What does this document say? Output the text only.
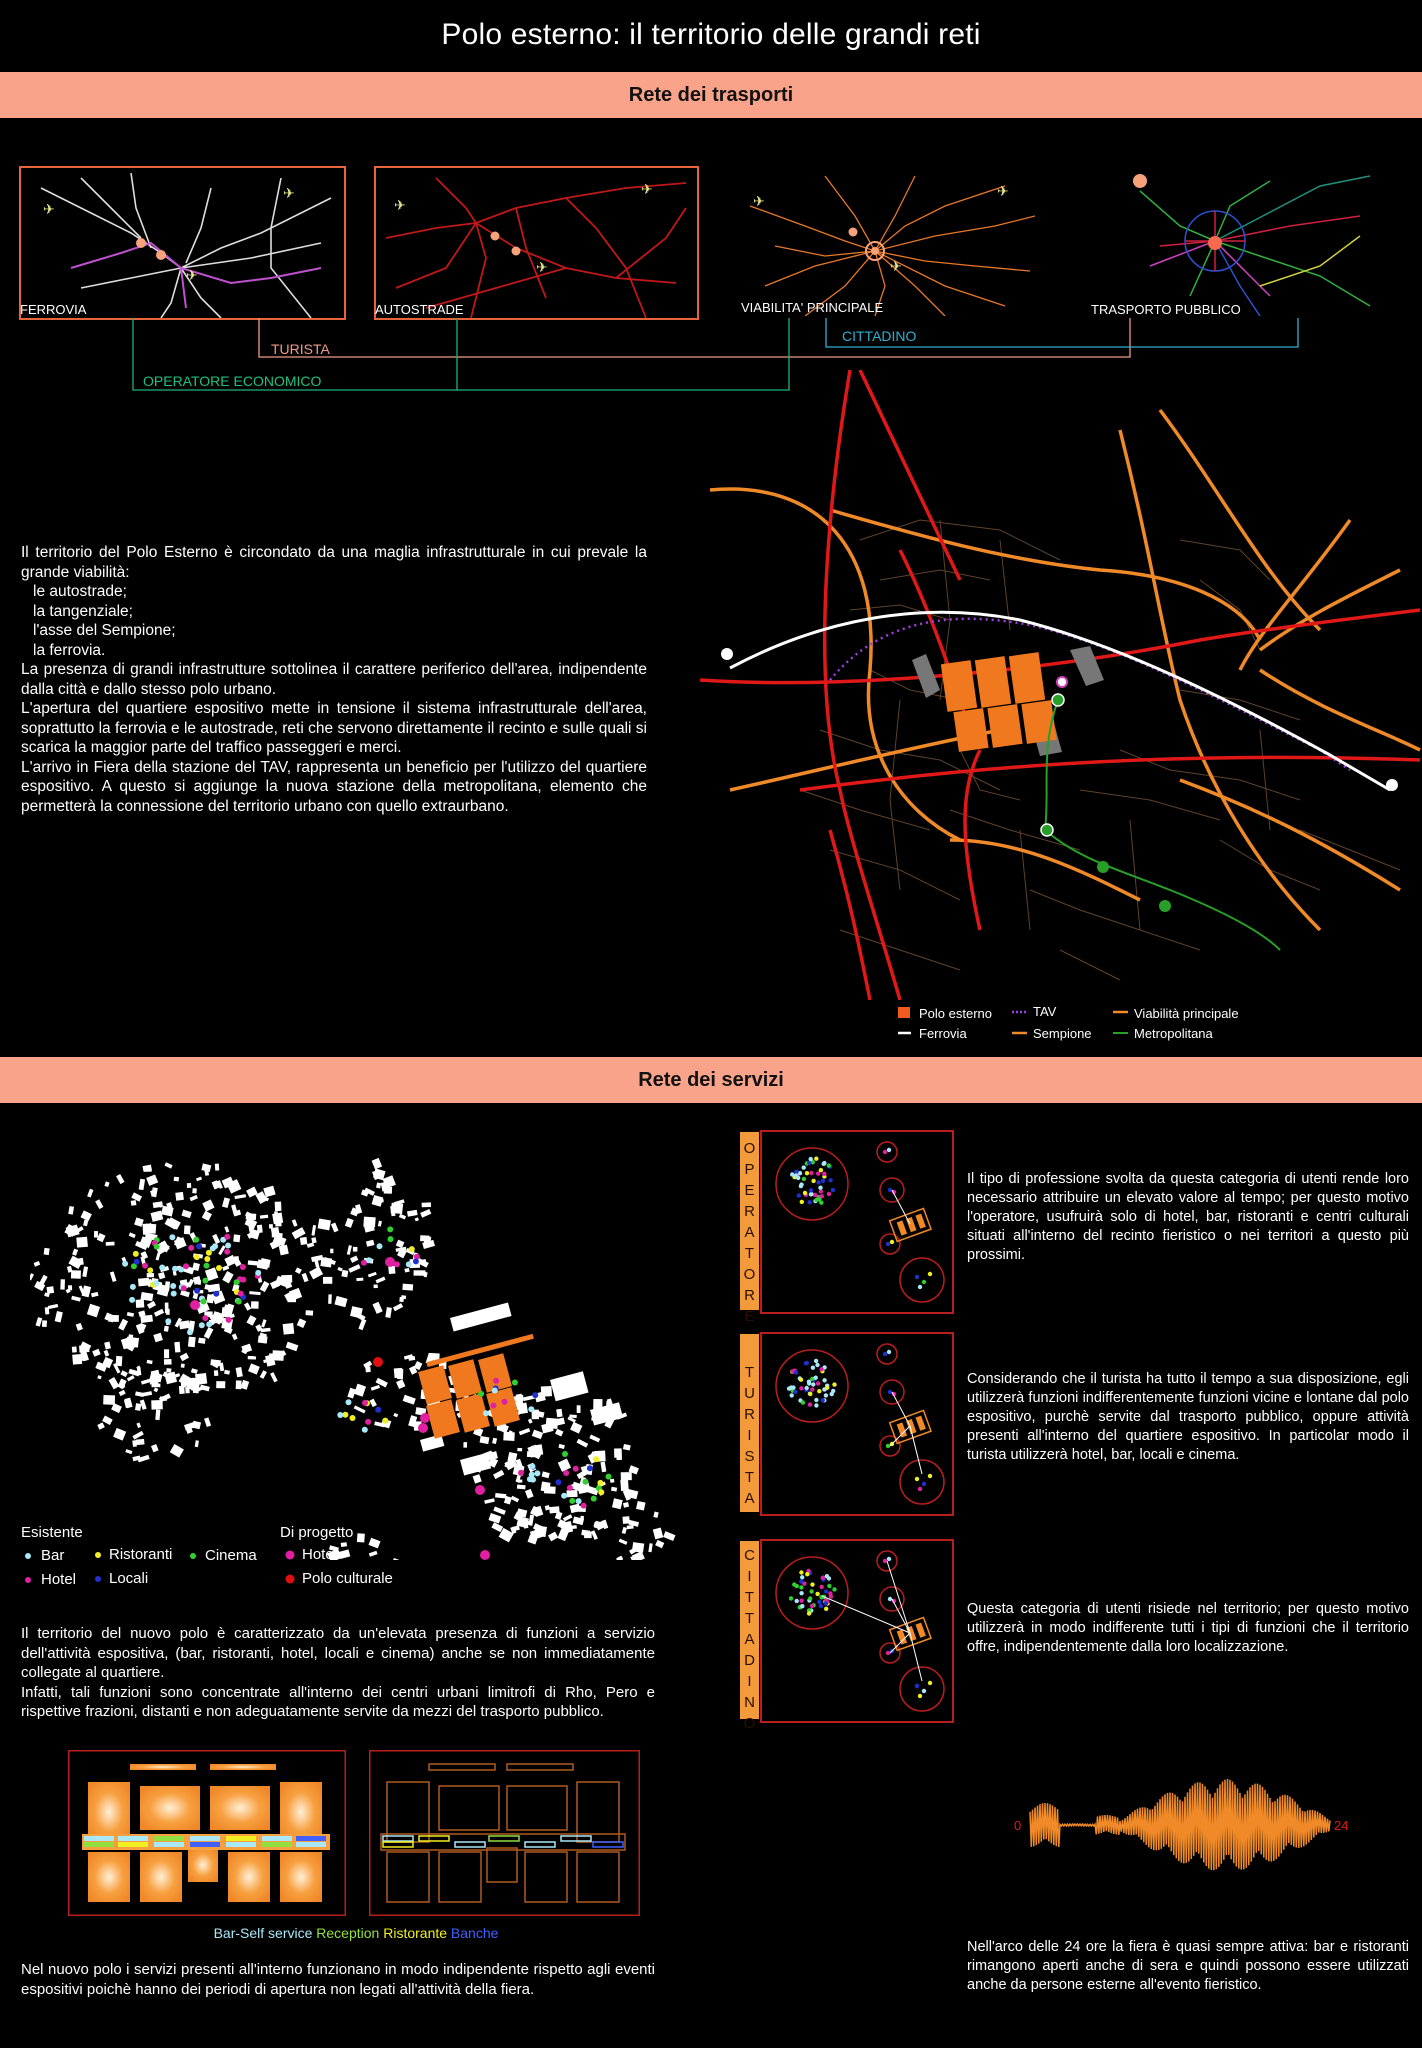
Polo esterno: il territorio delle grandi reti
Rete dei trasporti
✈
✈
✈
FERROVIA
✈
✈
✈
AUTOSTRADE
✈
✈
✈
VIABILITA' PRINCIPALE	TRASPORTO PUBBLICO
TURISTA
CITTADINO
OPERATORE ECONOMICO

Il territorio del Polo Esterno è circondato da una maglia infrastrutturale in cui prevale la grande viabilità:

le autostrade;

la tangenziale;

l'asse del Sempione;

la ferrovia.

La presenza di grandi infrastrutture sottolinea il carattere periferico dell'area, indipendente dalla città e dallo stesso polo urbano.

L'apertura del quartiere espositivo mette in tensione il sistema infrastrutturale dell'area, soprattutto la ferrovia e le autostrade, reti che servono direttamente il recinto e sulle quali si scarica la maggior parte del traffico passeggeri e merci.

L'arrivo in Fiera della stazione del TAV, rappresenta un beneficio per l'utilizzo del quartiere espositivo. A questo si aggiunge la nuova stazione della metropolitana, elemento che permetterà la connessione del territorio urbano con quello extraurbano.

Polo esterno	TAV	Viabilità principale
Ferrovia	Sempione	Metropolitana
Rete dei servizi
Esistente	Di progetto
Bar	Ristoranti Cinema
Hotel Locali
Hotel
Polo culturale

Il territorio del nuovo polo è caratterizzato da un'elevata presenza di funzioni a servizio dell'attività espositiva, (bar, ristoranti, hotel, locali e cinema) anche se non immediatamente collegate al quartiere.

Infatti, tali funzioni sono concentrate all'interno dei centri urbani limitrofi di Rho, Pero e rispettive frazioni, distanti e non adeguatamente servite da mezzi del trasporto pubblico.

O
P
E
R
A
T
O
R
E
Il tipo di professione svolta da questa categoria di utenti rende loro necessario attribuire un elevato valore al tempo; per questo motivo l'operatore, usufruirà solo di hotel, bar, ristoranti e centri culturali situati all'interno del recinto fieristico o nei territori a questo più prossimi.
T
U
R
I
S
T
A
Considerando che il turista ha tutto il tempo a sua disposizione, egli utilizzerà funzioni indifferentemente funzioni vicine e lontane dal polo espositivo, purchè servite dal trasporto pubblico, oppure attività presenti all'interno del quartiere espositivo. In particolar modo il turista utilizzerà hotel, bar, locali e cinema.
C
I
T
T
A
D
I
N
O
Questa categoria di utenti risiede nel territorio; per questo motivo utilizzerà in modo indifferente tutti i tipi di funzioni che il territorio offre, indipendentemente dalla loro localizzazione.
Bar-Self service Reception Ristorante Banche
Nel nuovo polo i servizi presenti all'interno funzionano in modo indipendente rispetto agli eventi espositivi poichè hanno dei periodi di apertura non legati all'attività della fiera.
0	24
Nell'arco delle 24 ore la fiera è quasi sempre attiva: bar e ristoranti rimangono aperti anche di sera e quindi possono essere utilizzati anche da persone esterne all'evento fieristico.
